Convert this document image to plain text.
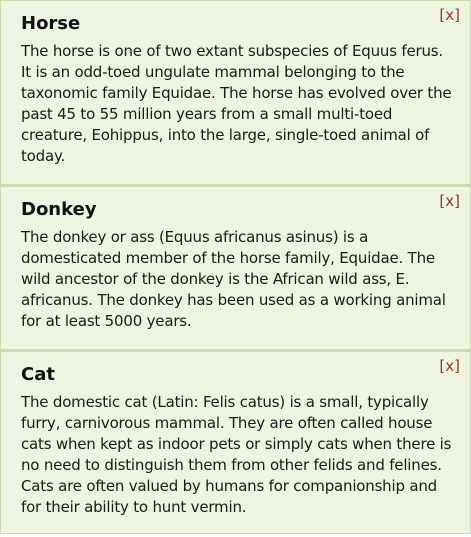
[x]
Horse

The horse is one of two extant subspecies of Equus ferus. It is an odd-toed ungulate mammal belonging to the taxonomic family Equidae. The horse has evolved over the past 45 to 55 million years from a small multi-toed creature, Eohippus, into the large, single-toed animal of today.

[x]
Donkey

The donkey or ass (Equus africanus asinus) is a domesticated member of the horse family, Equidae. The wild ancestor of the donkey is the African wild ass, E. africanus. The donkey has been used as a working animal for at least 5000 years.

[x]
Cat

The domestic cat (Latin: Felis catus) is a small, typically furry, carnivorous mammal. They are often called house cats when kept as indoor pets or simply cats when there is no need to distinguish them from other felids and felines. Cats are often valued by humans for companionship and for their ability to hunt vermin.
